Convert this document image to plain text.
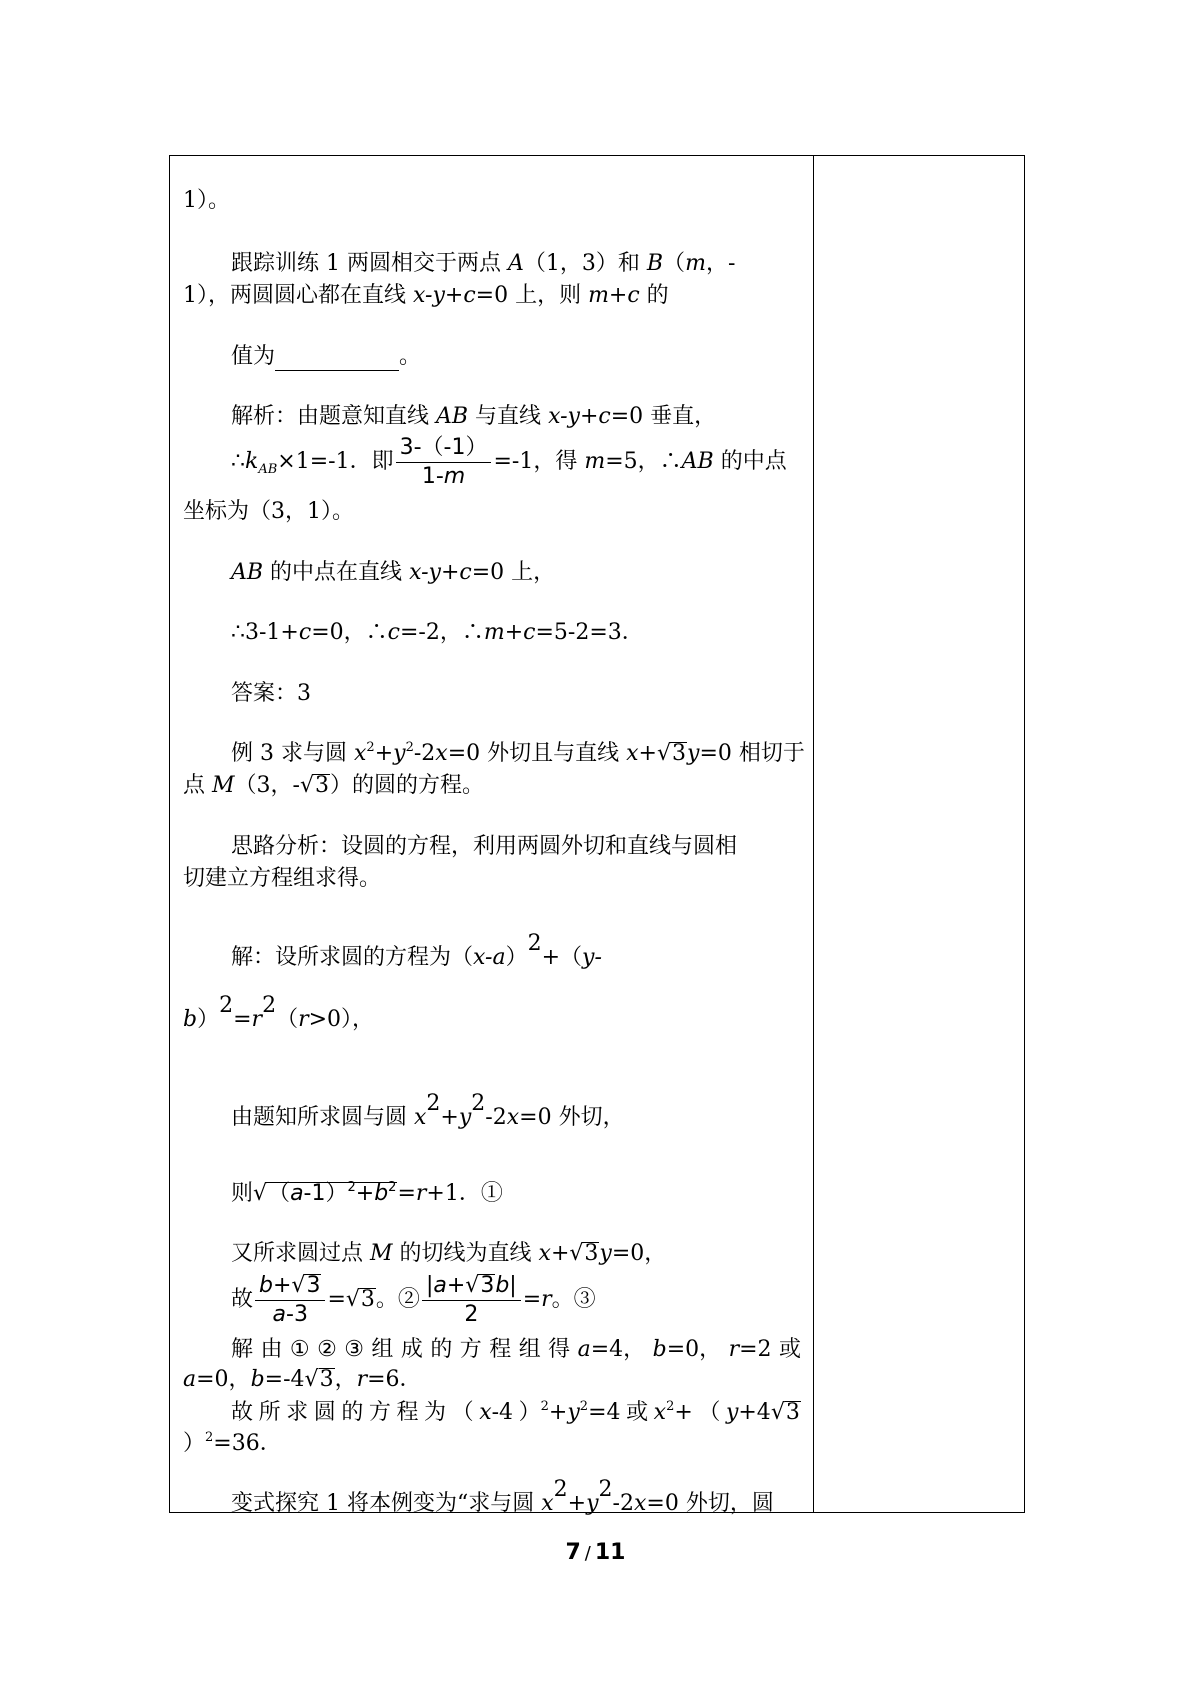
1）。
跟踪训练 1 两圆相交于两点 A（1，3）和 B（m，-
1），两圆圆心都在直线 x-y+c=0 上，则 m+c 的
值为	。
解析：由题意知直线 AB 与直线 x-y+c=0 垂直，
$\therefore k_{AB}\times 1=-1$．即 $\frac{3-(-1)}{1-m} =-1$，得 m=5，∴AB 的中点
坐标为（3，1）。
AB 的中点在直线 x-y+c=0 上，
∴3-1+c=0，∴c=-2，∴m+c=5-2=3．
答案：3
例 3 求与圆 $x^2+y^2-2x=0$ 外切且与直线 x+√3y=0 相切于
点 M（3，-√3）的圆的方程。
思路分析：设圆的方程，利用两圆外切和直线与圆相
切建立方程组求得。
解：设所求圆的方程为（x-a）2+（y-
b）2=r2（r>0），
由题知所求圆与圆 x2+y2-2x=0 外切，
则$√(a-1)^2+b^2=r+1$．①
又所求圆过点 M 的切线为直线 x+√3y=0，
故 $\frac{b+√3}{a-3} =√3$。② $\frac{|a+√3b|}{2} =r$。③
解 由 ① ② ③ 组 成 的 方 程 组 得 a=4， b=0， r=2 或
a=0，b=-4√3，r=6．
故 所 求 圆 的 方 程 为 （ x-4 ）$^2+y^2=4$ 或 $x^2+$ （ y+4√3
）$^2$=36．
变式探究 1 将本例变为“求与圆 x2+y2-2x=0 外切，圆
7 / 11
